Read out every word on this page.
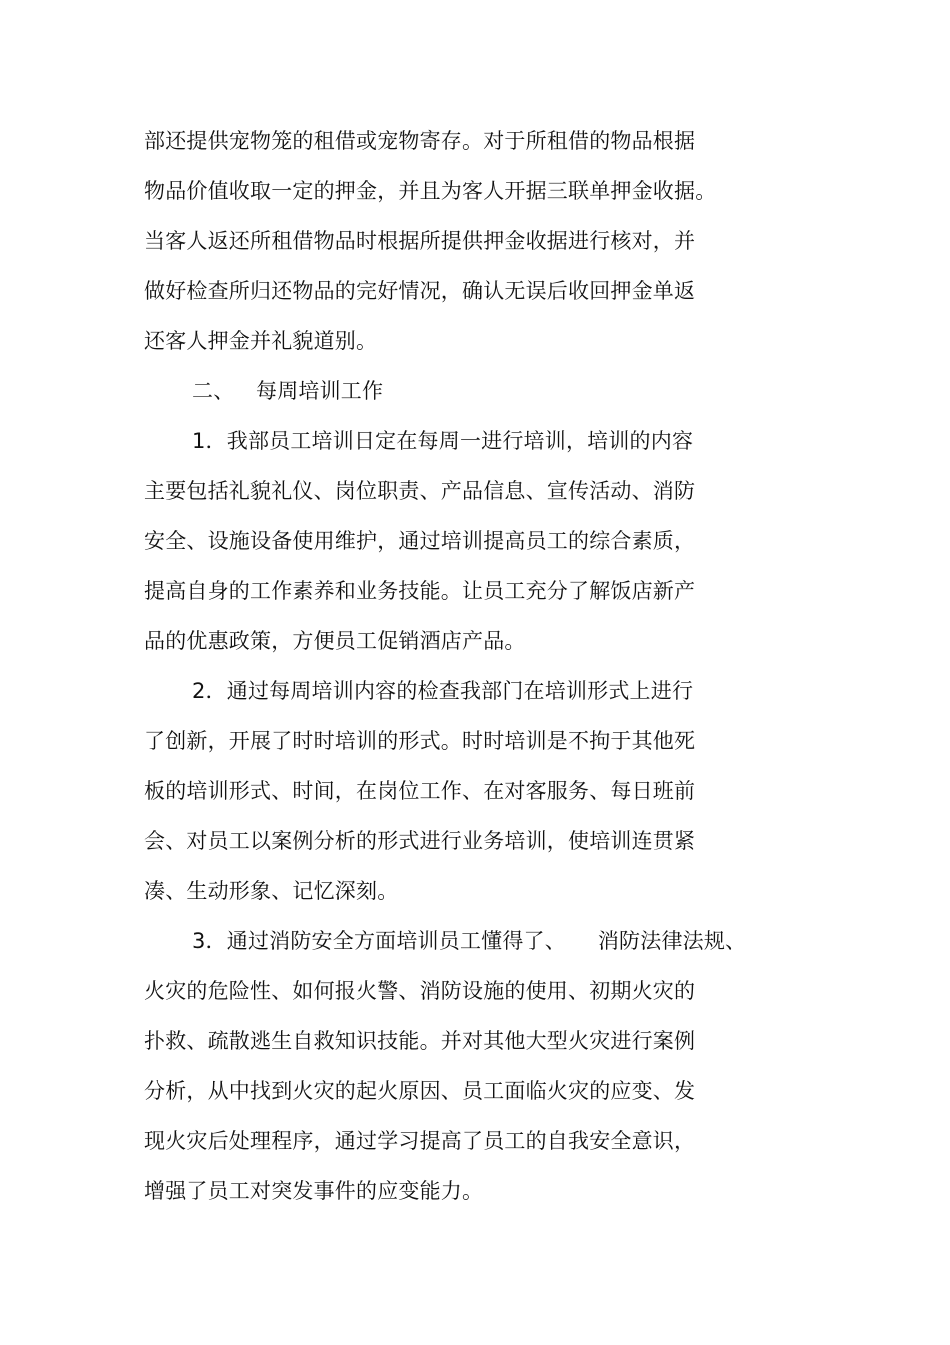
部还提供宠物笼的租借或宠物寄存。对于所租借的物品根据
物品价值收取一定的押金，并且为客人开据三联单押金收据。
当客人返还所租借物品时根据所提供押金收据进行核对，并
做好检查所归还物品的完好情况，确认无误后收回押金单返
还客人押金并礼貌道别。
二、 每周培训工作
1．我部员工培训日定在每周一进行培训，培训的内容
主要包括礼貌礼仪、岗位职责、产品信息、宣传活动、消防
安全、设施设备使用维护，通过培训提高员工的综合素质，
提高自身的工作素养和业务技能。让员工充分了解饭店新产
品的优惠政策，方便员工促销酒店产品。
2．通过每周培训内容的检查我部门在培训形式上进行
了创新，开展了时时培训的形式。时时培训是不拘于其他死
板的培训形式、时间，在岗位工作、在对客服务、每日班前
会、对员工以案例分析的形式进行业务培训，使培训连贯紧
凑、生动形象、记忆深刻。
3．通过消防安全方面培训员工懂得了、　　消防法律法规、
火灾的危险性、如何报火警、消防设施的使用、初期火灾的
扑救、疏散逃生自救知识技能。并对其他大型火灾进行案例
分析，从中找到火灾的起火原因、员工面临火灾的应变、发
现火灾后处理程序，通过学习提高了员工的自我安全意识，
增强了员工对突发事件的应变能力。
